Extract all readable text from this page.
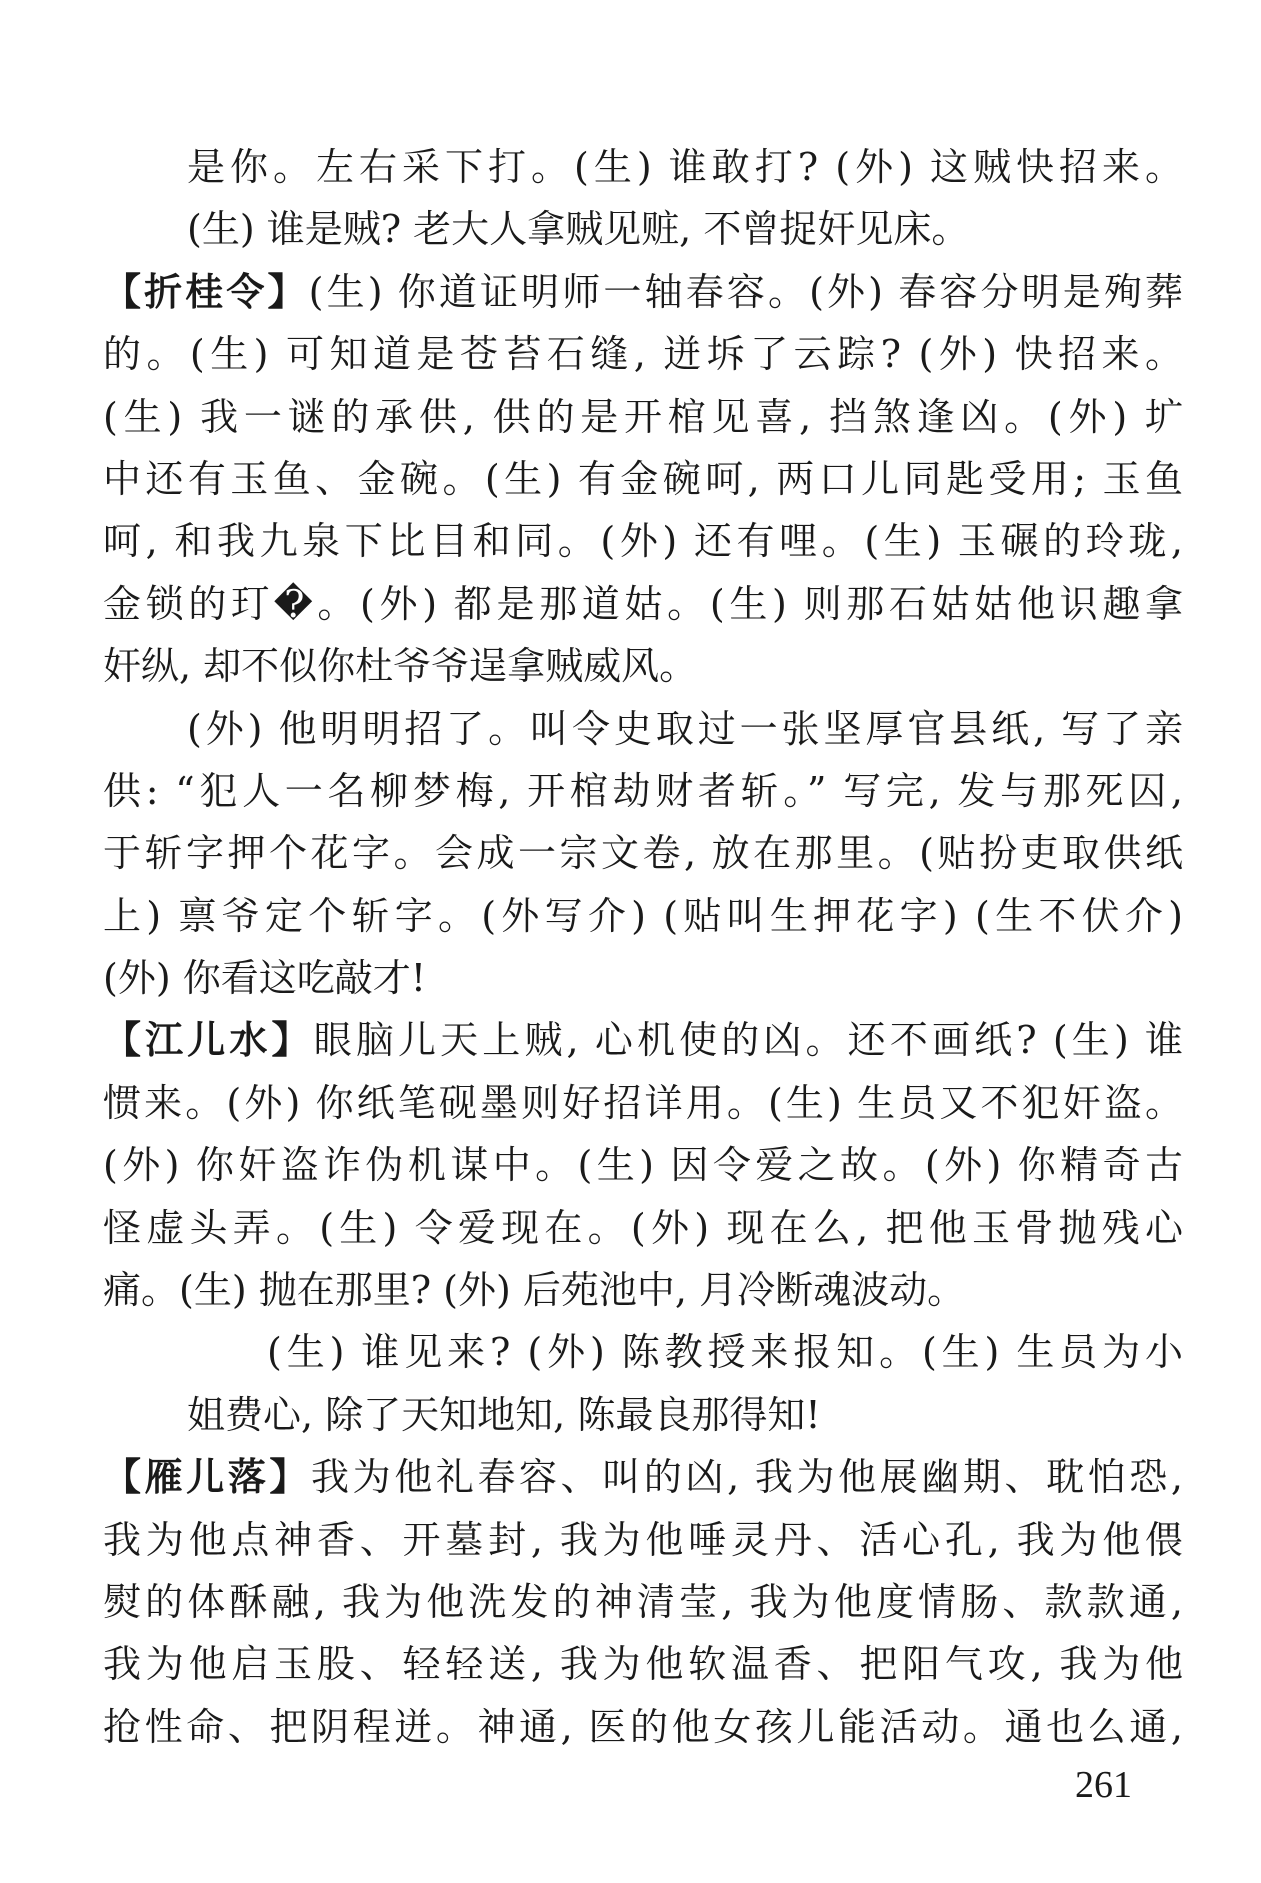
是你。左右采下打。(生) 谁敢打? (外) 这贼快招来。
(生) 谁是贼? 老大人拿贼见赃, 不曾捉奸见床。
【折桂令】(生) 你道证明师一轴春容。(外) 春容分明是殉葬
的。(生) 可知道是苍苔石缝, 迸坼了云踪? (外) 快招来。
(生) 我一谜的承供, 供的是开棺见喜, 挡煞逢凶。(外) 圹
中还有玉鱼、金碗。(生) 有金碗呵, 两口儿同匙受用; 玉鱼
呵, 和我九泉下比目和同。(外) 还有哩。(生) 玉碾的玲珑,
金锁的玎�。(外) 都是那道姑。(生) 则那石姑姑他识趣拿
奸纵, 却不似你杜爷爷逞拿贼威风。
(外) 他明明招了。叫令史取过一张坚厚官县纸, 写了亲
供: “犯人一名柳梦梅, 开棺劫财者斩。” 写完, 发与那死囚,
于斩字押个花字。会成一宗文卷, 放在那里。(贴扮吏取供纸
上) 禀爷定个斩字。(外写介) (贴叫生押花字) (生不伏介)
(外) 你看这吃敲才!
【江儿水】眼脑儿天上贼, 心机使的凶。还不画纸? (生) 谁
惯来。(外) 你纸笔砚墨则好招详用。(生) 生员又不犯奸盗。
(外) 你奸盗诈伪机谋中。(生) 因令爱之故。(外) 你精奇古
怪虚头弄。(生) 令爱现在。(外) 现在么, 把他玉骨抛残心
痛。(生) 抛在那里? (外) 后苑池中, 月冷断魂波动。
(生) 谁见来? (外) 陈教授来报知。(生) 生员为小
姐费心, 除了天知地知, 陈最良那得知!
【雁儿落】我为他礼春容、叫的凶, 我为他展幽期、耽怕恐,
我为他点神香、开墓封, 我为他唾灵丹、活心孔, 我为他偎
熨的体酥融, 我为他洗发的神清莹, 我为他度情肠、款款通,
我为他启玉股、轻轻送, 我为他软温香、把阳气攻, 我为他
抢性命、把阴程迸。神通, 医的他女孩儿能活动。通也么通,
261
